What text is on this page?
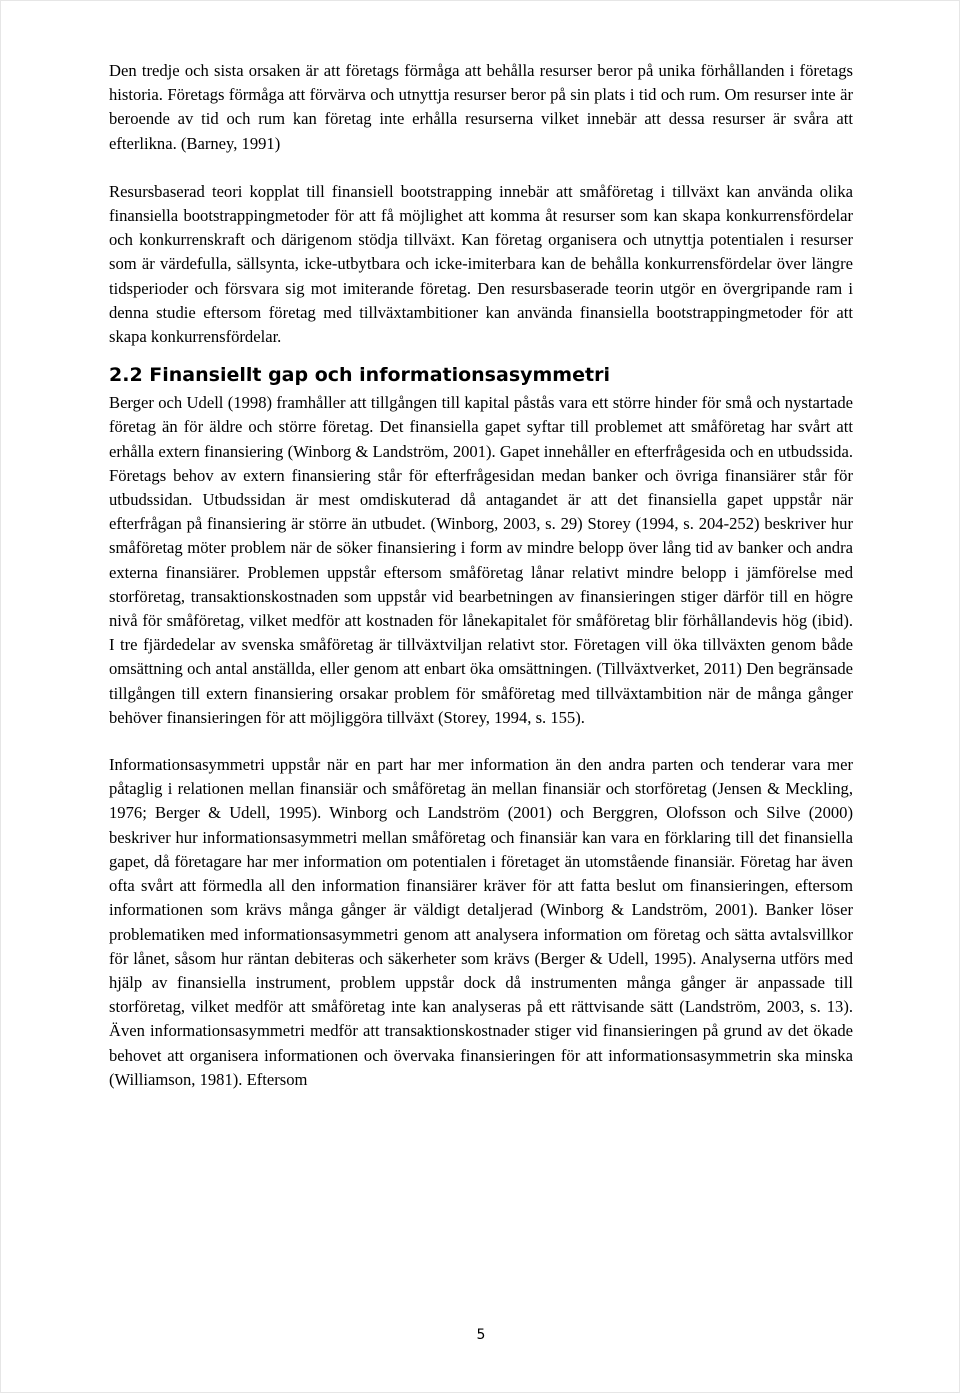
Den tredje och sista orsaken är att företags förmåga att behålla resurser beror på unika förhållanden i företags historia. Företags förmåga att förvärva och utnyttja resurser beror på sin plats i tid och rum. Om resurser inte är beroende av tid och rum kan företag inte erhålla resurserna vilket innebär att dessa resurser är svåra att efterlikna. (Barney, 1991)

Resursbaserad teori kopplat till finansiell bootstrapping innebär att småföretag i tillväxt kan använda olika finansiella bootstrappingmetoder för att få möjlighet att komma åt resurser som kan skapa konkurrensfördelar och konkurrenskraft och därigenom stödja tillväxt. Kan företag organisera och utnyttja potentialen i resurser som är värdefulla, sällsynta, icke-utbytbara och icke-imiterbara kan de behålla konkurrensfördelar över längre tidsperioder och försvara sig mot imiterande företag. Den resursbaserade teorin utgör en övergripande ram i denna studie eftersom företag med tillväxtambitioner kan använda finansiella bootstrappingmetoder för att skapa konkurrensfördelar.

2.2 Finansiellt gap och informationsasymmetri

Berger och Udell (1998) framhåller att tillgången till kapital påstås vara ett större hinder för små och nystartade företag än för äldre och större företag. Det finansiella gapet syftar till problemet att småföretag har svårt att erhålla extern finansiering (Winborg & Landström, 2001). Gapet innehåller en efterfrågesida och en utbudssida. Företags behov av extern finansiering står för efterfrågesidan medan banker och övriga finansiärer står för utbudssidan. Utbudssidan är mest omdiskuterad då antagandet är att det finansiella gapet uppstår när efterfrågan på finansiering är större än utbudet. (Winborg, 2003, s. 29) Storey (1994, s. 204-252) beskriver hur småföretag möter problem när de söker finansiering i form av mindre belopp över lång tid av banker och andra externa finansiärer. Problemen uppstår eftersom småföretag lånar relativt mindre belopp i jämförelse med storföretag, transaktionskostnaden som uppstår vid bearbetningen av finansieringen stiger därför till en högre nivå för småföretag, vilket medför att kostnaden för lånekapitalet för småföretag blir förhållandevis hög (ibid). I tre fjärdedelar av svenska småföretag är tillväxtviljan relativt stor. Företagen vill öka tillväxten genom både omsättning och antal anställda, eller genom att enbart öka omsättningen. (Tillväxtverket, 2011) Den begränsade tillgången till extern finansiering orsakar problem för småföretag med tillväxtambition när de många gånger behöver finansieringen för att möjliggöra tillväxt (Storey, 1994, s. 155).

Informationsasymmetri uppstår när en part har mer information än den andra parten och tenderar vara mer påtaglig i relationen mellan finansiär och småföretag än mellan finansiär och storföretag (Jensen & Meckling, 1976; Berger & Udell, 1995). Winborg och Landström (2001) och Berggren, Olofsson och Silve (2000) beskriver hur informationsasymmetri mellan småföretag och finansiär kan vara en förklaring till det finansiella gapet, då företagare har mer information om potentialen i företaget än utomstående finansiär. Företag har även ofta svårt att förmedla all den information finansiärer kräver för att fatta beslut om finansieringen, eftersom informationen som krävs många gånger är väldigt detaljerad (Winborg & Landström, 2001). Banker löser problematiken med informationsasymmetri genom att analysera information om företag och sätta avtalsvillkor för lånet, såsom hur räntan debiteras och säkerheter som krävs (Berger & Udell, 1995). Analyserna utförs med hjälp av finansiella instrument, problem uppstår dock då instrumenten många gånger är anpassade till storföretag, vilket medför att småföretag inte kan analyseras på ett rättvisande sätt (Landström, 2003, s. 13). Även informationsasymmetri medför att transaktionskostnader stiger vid finansieringen på grund av det ökade behovet att organisera informationen och övervaka finansieringen för att informationsasymmetrin ska minska (Williamson, 1981). Eftersom

5
